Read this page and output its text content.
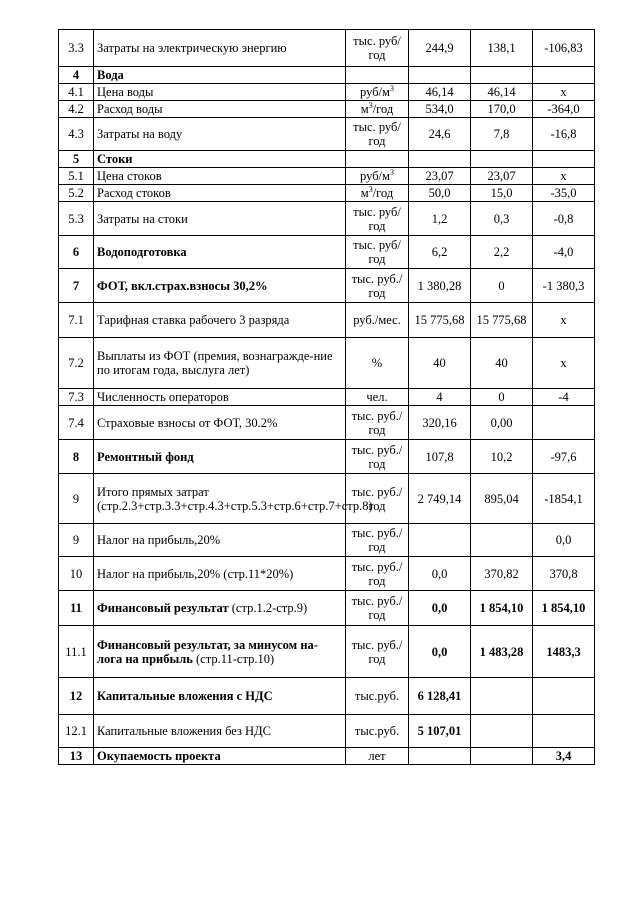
3.3	Затраты на электрическую энергию	тыс. руб/год	244,9	138,1	-106,83
4	Вода				
4.1	Цена воды	руб/$м^3$	46,14	46,14	х
4.2	Расход воды	$м^3$/год	534,0	170,0	-364,0
4.3	Затраты на воду	тыс. руб/год	24,6	7,8	-16,8
5	Стоки				
5.1	Цена стоков	руб/$м^3$	23,07	23,07	х
5.2	Расход стоков	$м^3$/год	50,0	15,0	-35,0
5.3	Затраты на стоки	тыс. руб/год	1,2	0,3	-0,8
6	Водоподготовка	тыс. руб/год	6,2	2,2	-4,0
7	ФОТ, вкл.страх.взносы 30,2%	тыс. руб./год	1 380,28	0	-1 380,3
7.1	Тарифная ставка рабочего 3 разряда	руб./мес.	15 775,68	15 775,68	х
7.2	Выплаты из ФОТ (премия, вознагражде-ние по итогам года, выслуга лет)	%	40	40	х
7.3	Численность операторов	чел.	4	0	-4
7.4	Страховые взносы от ФОТ, 30.2%	тыс. руб./год	320,16	0,00	
8	Ремонтный фонд	тыс. руб./год	107,8	10,2	-97,6
9	Итого прямых затрат (стр.2.3+стр.3.3+стр.4.3+стр.5.3+стр.6+стр.7+стр.8)	тыс. руб./год	2 749,14	895,04	-1854,1
9	Налог на прибыль,20%	тыс. руб./год			0,0
10	Налог на прибыль,20% (стр.11*20%)	тыс. руб./год	0,0	370,82	370,8
11	Финансовый результат (стр.1.2-стр.9)	тыс. руб./год	0,0	1 854,10	1 854,10
11.1	Финансовый результат, за минусом на-лога на прибыль (стр.11-стр.10)	тыс. руб./год	0,0	1 483,28	1483,3
12	Капитальные вложения с НДС	тыс.руб.	6 128,41		
12.1	Капитальные вложения без НДС	тыс.руб.	5 107,01		
13	Окупаемость проекта	лет			3,4
